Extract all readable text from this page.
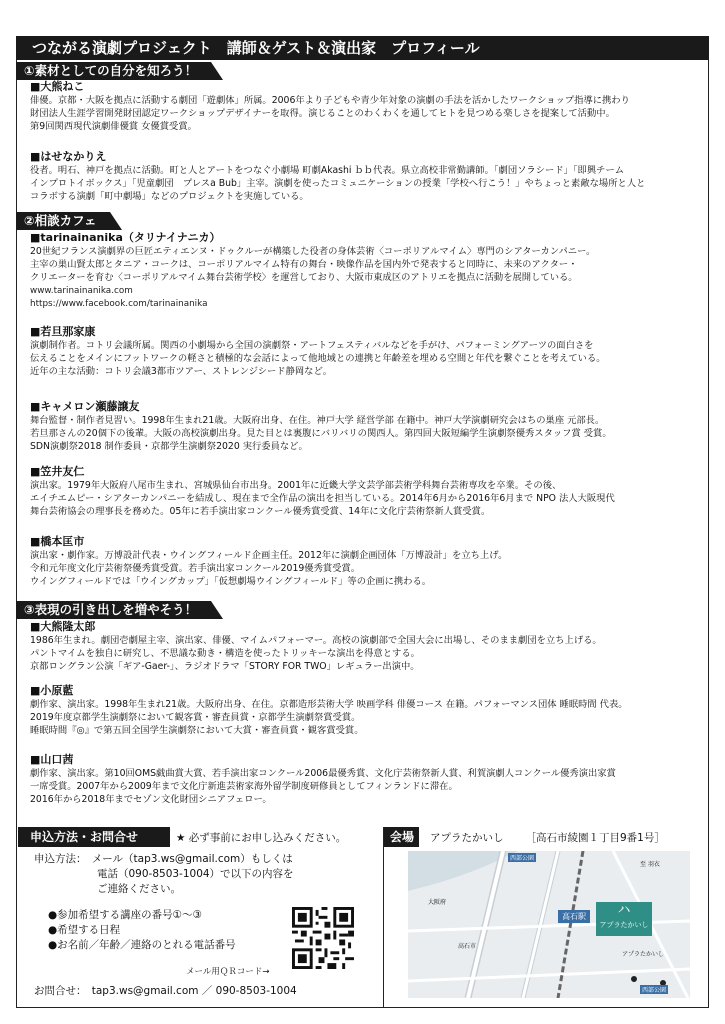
つながる演劇プロジェクト　講師＆ゲスト＆演出家　プロフィール
①素材としての自分を知ろう！
■大熊ねこ
俳優。京都・大阪を拠点に活動する劇団「遊劇体」所属。2006年より子どもや青少年対象の演劇の手法を活かしたワークショップ指導に携わり
財団法人生涯学習開発財団認定ワークショップデザイナーを取得。演じることのわくわくを通してヒトを見つめる楽しさを提案して活動中。
第9回関西現代演劇俳優賞 女優賞受賞。
■はせなかりえ
役者。明石、神戸を拠点に活動。町と人とアートをつなぐ小劇場 町劇Akashi ｂｂ代表。県立高校非常勤講師。「劇団ソラシード」「即興チーム
インプロトイボックス」「児童劇団　プレスa Bub」主宰。演劇を使ったコミュニケーションの授業「学校へ行こう！」やちょっと素敵な場所と人と
コラボする演劇「町中劇場」などのプロジェクトを実施している。
②相談カフェ
■tarinainanika（タリナイナニカ）
20世紀フランス演劇界の巨匠エティエンヌ・ドゥクルーが構築した役者の身体芸術〈コーポリアルマイム〉専門のシアターカンパニー。
主宰の巣山賢太郎とタニア・コークは、コーポリアルマイム特有の舞台・映像作品を国内外で発表すると同時に、未来のアクター・
クリエーターを育む〈コーポリアルマイム舞台芸術学校〉を運営しており、大阪市東成区のアトリエを拠点に活動を展開している。
www.tarinainanika.com
https://www.facebook.com/tarinainanika
■若旦那家康
演劇制作者。コトリ会議所属。関西の小劇場から全国の演劇祭・アートフェスティバルなどを手がけ、パフォーミングアーツの面白さを
伝えることをメインにフットワークの軽さと積極的な会話によって他地域との連携と年齢差を埋める空間と年代を繋ぐことを考えている。
近年の主な活動：コトリ会議3都市ツアー、ストレンジシード静岡など。
■キャメロン瀬藤譲友
舞台監督・制作者見習い。1998年生まれ21歳。大阪府出身、在住。神戸大学 経営学部 在籍中。神戸大学演劇研究会はちの巣座 元部長。
若旦那さんの20個下の後輩。大阪の高校演劇出身。見た目とは裏腹にバリバリの関西人。第四回大阪短編学生演劇祭優秀スタッフ賞 受賞。
SDN演劇祭2018 制作委員・京都学生演劇祭2020 実行委員など。
■笠井友仁
演出家。1979年大阪府八尾市生まれ、宮城県仙台市出身。2001年に近畿大学文芸学部芸術学科舞台芸術専攻を卒業。その後、
エイチエムピー・シアターカンパニーを結成し、現在まで全作品の演出を担当している。2014年6月から2016年6月まで NPO 法人大阪現代
舞台芸術協会の理事長を務めた。05年に若手演出家コンクール優秀賞受賞、14年に文化庁芸術祭新人賞受賞。
■橋本匡市
演出家・劇作家。万博設計代表・ウイングフィールド企画主任。2012年に演劇企画団体「万博設計」を立ち上げ。
令和元年度文化庁芸術祭優秀賞受賞。若手演出家コンクール2019優秀賞受賞。
ウイングフィールドでは「ウイングカップ」「仮想劇場ウイングフィールド」等の企画に携わる。
③表現の引き出しを増やそう！
■大熊隆太郎
1986年生まれ。劇団壱劇屋主宰、演出家、俳優、マイムパフォーマー。高校の演劇部で全国大会に出場し、そのまま劇団を立ち上げる。
パントマイムを独自に研究し、不思議な動き・構造を使ったトリッキーな演出を得意とする。
京都ロングラン公演「ギア-Gaer-」、ラジオドラマ「STORY FOR TWO」レギュラー出演中。
■小原藍
劇作家、演出家。1998年生まれ21歳。大阪府出身、在住。京都造形芸術大学 映画学科 俳優コース 在籍。パフォーマンス団体 睡眠時間 代表。
2019年度京都学生演劇祭において観客賞・審査員賞・京都学生演劇祭賞受賞。
睡眠時間『◎』で第五回全国学生演劇祭において大賞・審査員賞・観客賞受賞。
■山口茜
劇作家、演出家。第10回OMS戯曲賞大賞、若手演出家コンクール2006最優秀賞、文化庁芸術祭新人賞、利賀演劇人コンクール優秀演出家賞
一席受賞。2007年から2009年まで文化庁新進芸術家海外留学制度研修員としてフィンランドに滞在。
2016年から2018年までセゾン文化財団シニアフェロー。
申込方法・お問合せ	★ 必ず事前にお申し込みください。	会場	アプラたかいし ［高石市綾園１丁目9番1号］
申込方法：　メール（tap3.ws@gmail.com）もしくは
　　　　　　電話（090-8503-1004）で以下の内容を
　　　　　　ご連絡ください。
●参加希望する講座の番号①〜③
●希望する日程
●お名前／年齢／連絡のとれる電話番号
メール用ＱＲコード→
お問合せ：　tap3.ws@gmail.com ／ 090-8503-1004
高石駅	ハ
アプラたかいし
西部公園
大阪府
高石市
至 羽衣
アプラたかいし
西部公園
